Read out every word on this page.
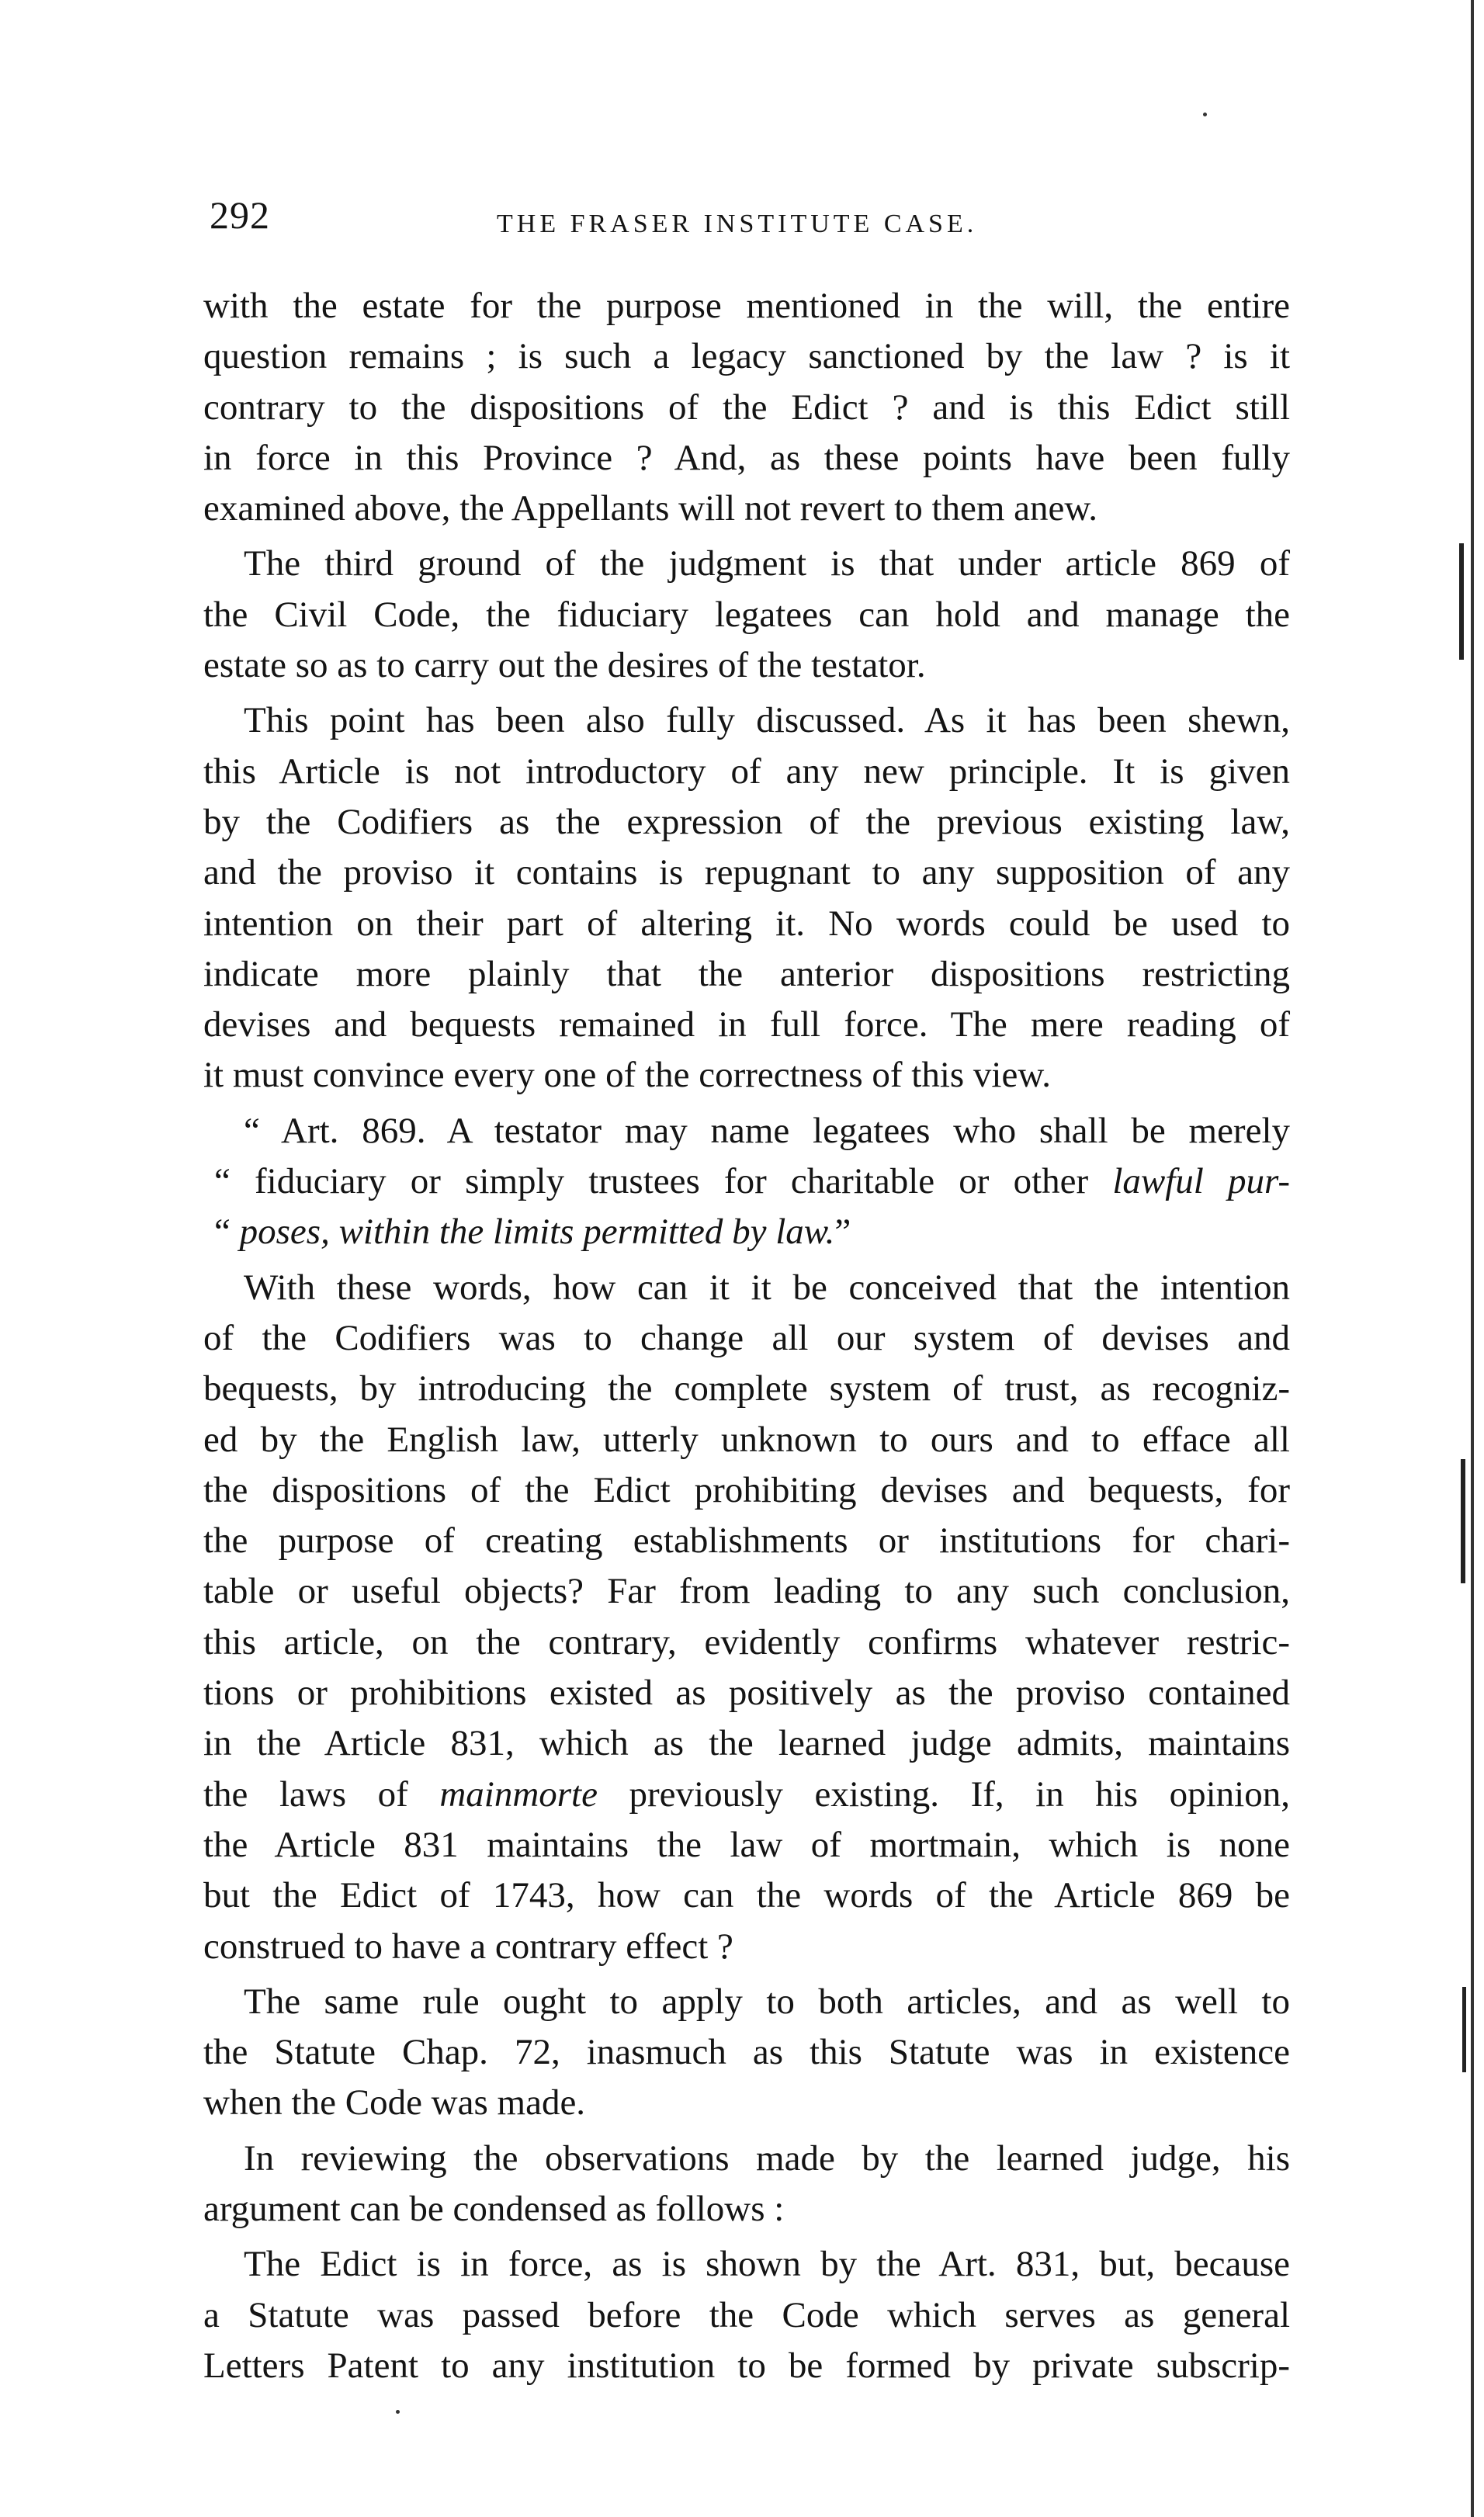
292	THE FRASER INSTITUTE CASE.
with the estate for the purpose mentioned in the will, the entire
question remains ; is such a legacy sanctioned by the law ? is it
contrary to the dispositions of the Edict ? and is this Edict still
in force in this Province ? And, as these points have been fully
examined above, the Appellants will not revert to them anew.
The third ground of the judgment is that under article 869 of
the Civil Code, the fiduciary legatees can hold and manage the
estate so as to carry out the desires of the testator.
This point has been also fully discussed. As it has been shewn,
this Article is not introductory of any new principle. It is given
by the Codifiers as the expression of the previous existing law,
and the proviso it contains is repugnant to any supposition of any
intention on their part of altering it. No words could be used to
indicate more plainly that the anterior dispositions restricting
devises and bequests remained in full force. The mere reading of
it must convince every one of the correctness of this view.
“ Art. 869. A testator may name legatees who shall be merely
“ fiduciary or simply trustees for charitable or other lawful pur-
“ poses, within the limits permitted by law.”
With these words, how can it it be conceived that the intention
of the Codifiers was to change all our system of devises and
bequests, by introducing the complete system of trust, as recogniz-
ed by the English law, utterly unknown to ours and to efface all
the dispositions of the Edict prohibiting devises and bequests, for
the purpose of creating establishments or institutions for chari-
table or useful objects? Far from leading to any such conclusion,
this article, on the contrary, evidently confirms whatever restric-
tions or prohibitions existed as positively as the proviso contained
in the Article 831, which as the learned judge admits, maintains
the laws of mainmorte previously existing. If, in his opinion,
the Article 831 maintains the law of mortmain, which is none
but the Edict of 1743, how can the words of the Article 869 be
construed to have a contrary effect ?
The same rule ought to apply to both articles, and as well to
the Statute Chap. 72, inasmuch as this Statute was in existence
when the Code was made.
In reviewing the observations made by the learned judge, his
argument can be condensed as follows :
The Edict is in force, as is shown by the Art. 831, but, because
a Statute was passed before the Code which serves as general
Letters Patent to any institution to be formed by private subscrip-
